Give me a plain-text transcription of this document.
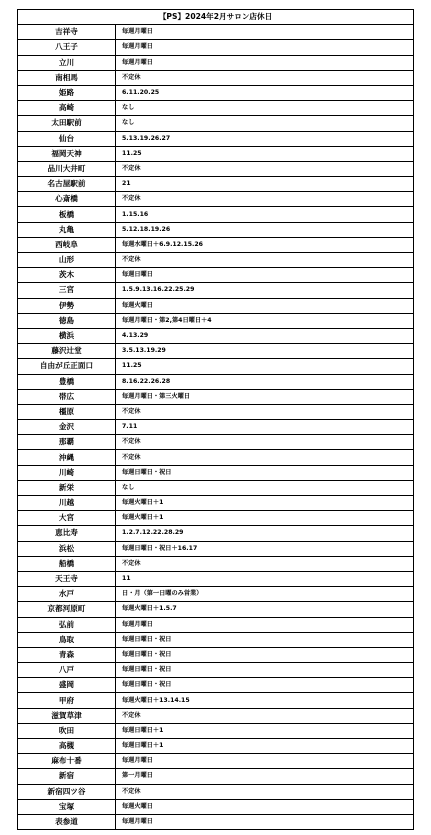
【PS】2024年2月サロン店休日	
吉祥寺	毎週月曜日
八王子	毎週月曜日
立川	毎週月曜日
南相馬	不定休
姫路	6.11.20.25
高崎	なし
太田駅前	なし
仙台	5.13.19.26.27
福岡天神	11.25
品川大井町	不定休
名古屋駅前	21
心斎橋	不定休
板橋	1.15.16
丸亀	5.12.18.19.26
西岐阜	毎週水曜日＋6.9.12.15.26
山形	不定休
茨木	毎週日曜日
三宮	1.5.9.13.16.22.25.29
伊勢	毎週火曜日
徳島	毎週月曜日・第2,第4日曜日＋4
横浜	4.13.29
藤沢辻堂	3.5.13.19.29
自由が丘正面口	11.25
豊橋	8.16.22.26.28
帯広	毎週月曜日・第三火曜日
橿原	不定休
金沢	7.11
那覇	不定休
沖縄	不定休
川崎	毎週日曜日・祝日
新栄	なし
川越	毎週火曜日＋1
大宮	毎週火曜日＋1
恵比寿	1.2.7.12.22.28.29
浜松	毎週日曜日・祝日＋16.17
船橋	不定休
天王寺	11
水戸	日・月（第一日曜のみ営業）
京都河原町	毎週火曜日＋1.5.7
弘前	毎週月曜日
鳥取	毎週日曜日・祝日
青森	毎週日曜日・祝日
八戸	毎週日曜日・祝日
盛岡	毎週日曜日・祝日
甲府	毎週火曜日＋13.14.15
滋賀草津	不定休
吹田	毎週日曜日＋1
高槻	毎週日曜日＋1
麻布十番	毎週月曜日
新宿	第一月曜日
新宿四ツ谷	不定休
宝塚	毎週火曜日
表参道	毎週月曜日
